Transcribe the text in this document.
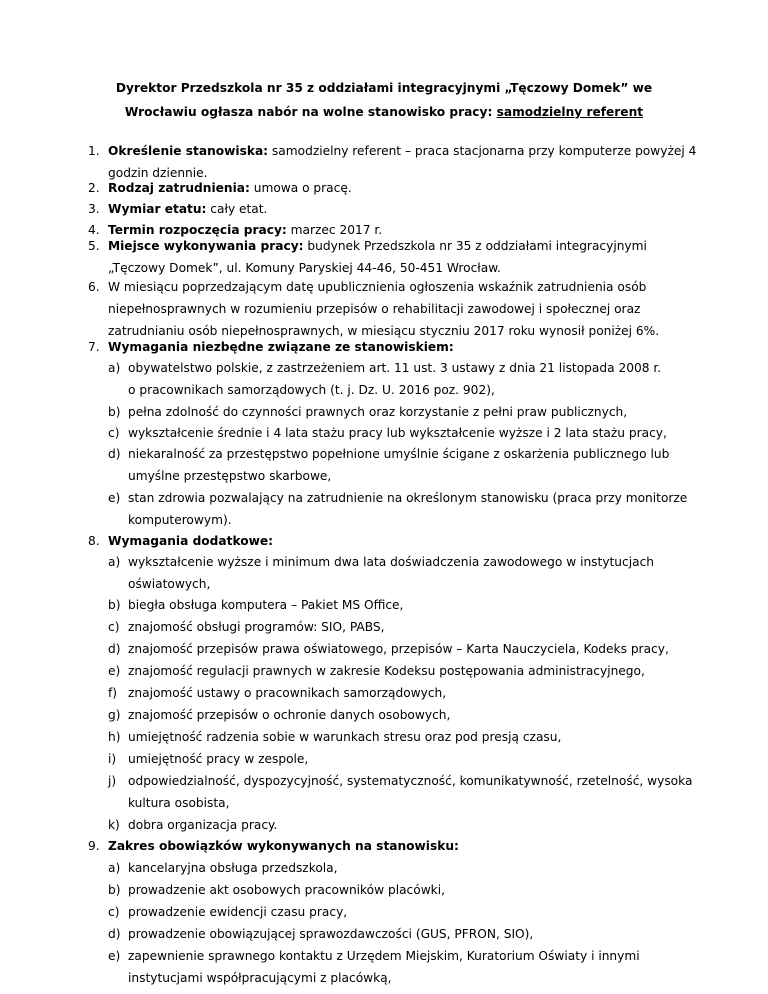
Dyrektor Przedszkola nr 35 z oddziałami integracyjnymi „Tęczowy Domek” we
Wrocławiu ogłasza nabór na wolne stanowisko pracy: samodzielny referent
1. Określenie stanowiska: samodzielny referent – praca stacjonarna przy komputerze powyżej 4
godzin dziennie.
2. Rodzaj zatrudnienia: umowa o pracę.
3. Wymiar etatu: cały etat.
4. Termin rozpoczęcia pracy: marzec 2017 r.
5. Miejsce wykonywania pracy: budynek Przedszkola nr 35 z oddziałami integracyjnymi
„Tęczowy Domek”, ul. Komuny Paryskiej 44-46, 50-451 Wrocław.
6. W miesiącu poprzedzającym datę upublicznienia ogłoszenia wskaźnik zatrudnienia osób
niepełnosprawnych w rozumieniu przepisów o rehabilitacji zawodowej i społecznej oraz
zatrudnianiu osób niepełnosprawnych, w miesiącu styczniu 2017 roku wynosił poniżej 6%.
7. Wymagania niezbędne związane ze stanowiskiem:
a) obywatelstwo polskie, z zastrzeżeniem art. 11 ust. 3 ustawy z dnia 21 listopada 2008 r.
o pracownikach samorządowych (t. j. Dz. U. 2016 poz. 902),
b) pełna zdolność do czynności prawnych oraz korzystanie z pełni praw publicznych,
c) wykształcenie średnie i 4 lata stażu pracy lub wykształcenie wyższe i 2 lata stażu pracy,
d) niekaralność za przestępstwo popełnione umyślnie ścigane z oskarżenia publicznego lub
umyślne przestępstwo skarbowe,
e) stan zdrowia pozwalający na zatrudnienie na określonym stanowisku (praca przy monitorze
komputerowym).
8. Wymagania dodatkowe:
a) wykształcenie wyższe i minimum dwa lata doświadczenia zawodowego w instytucjach
oświatowych,
b) biegła obsługa komputera – Pakiet MS Office,
c) znajomość obsługi programów: SIO, PABS,
d) znajomość przepisów prawa oświatowego, przepisów – Karta Nauczyciela, Kodeks pracy,
e) znajomość regulacji prawnych w zakresie Kodeksu postępowania administracyjnego,
f) znajomość ustawy o pracownikach samorządowych,
g) znajomość przepisów o ochronie danych osobowych,
h) umiejętność radzenia sobie w warunkach stresu oraz pod presją czasu,
i) umiejętność pracy w zespole,
j) odpowiedzialność, dyspozycyjność, systematyczność, komunikatywność, rzetelność, wysoka
kultura osobista,
k) dobra organizacja pracy.
9. Zakres obowiązków wykonywanych na stanowisku:
a) kancelaryjna obsługa przedszkola,
b) prowadzenie akt osobowych pracowników placówki,
c) prowadzenie ewidencji czasu pracy,
d) prowadzenie obowiązującej sprawozdawczości (GUS, PFRON, SIO),
e) zapewnienie sprawnego kontaktu z Urzędem Miejskim, Kuratorium Oświaty i innymi
instytucjami współpracującymi z placówką,
